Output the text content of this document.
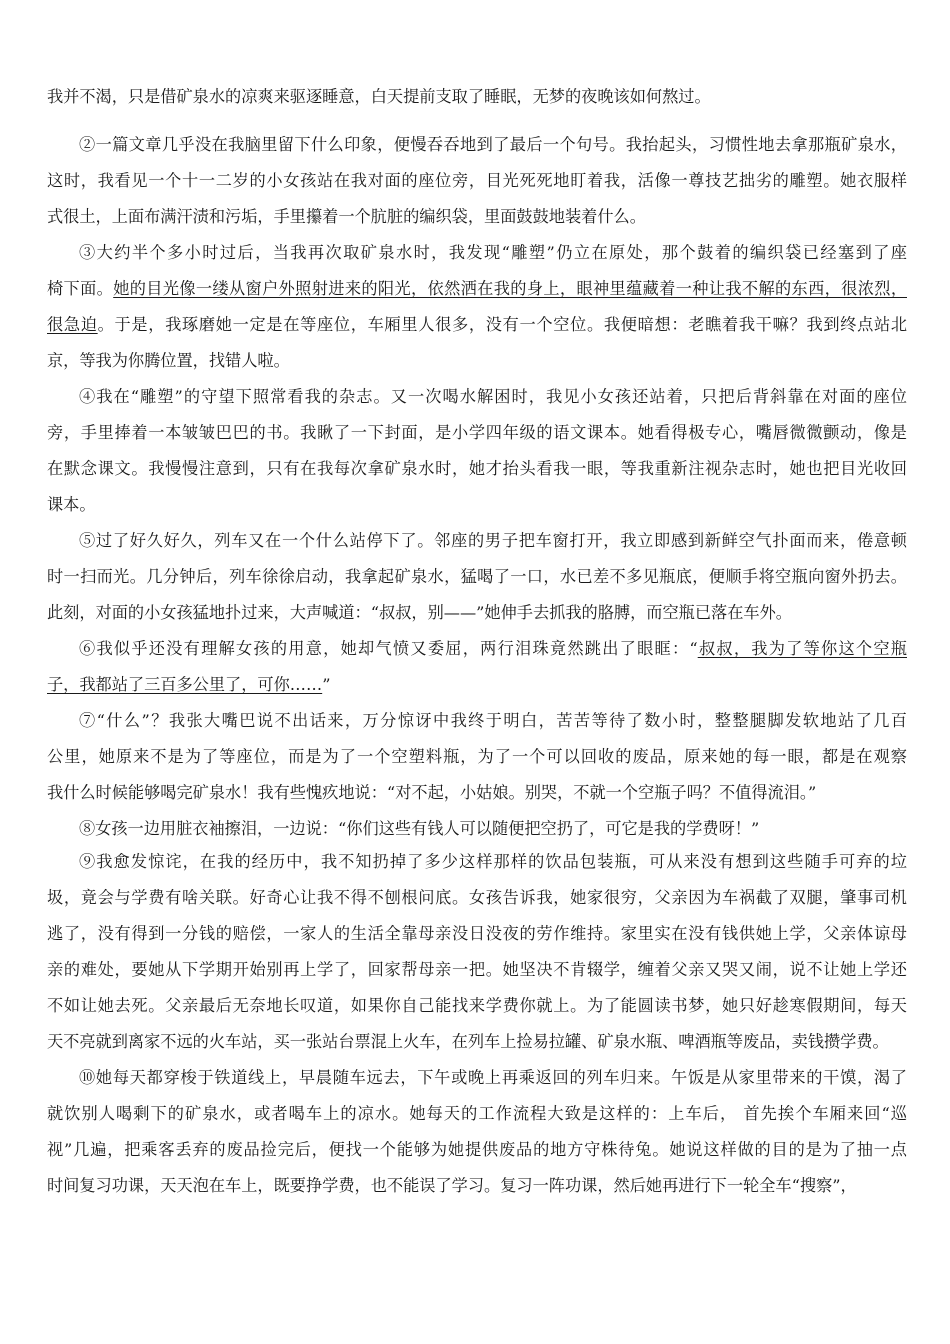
我并不渴，只是借矿泉水的凉爽来驱逐睡意，白天提前支取了睡眠，无梦的夜晚该如何熬过。
②一篇文章几乎没在我脑里留下什么印象，便慢吞吞地到了最后一个句号。我抬起头，习惯性地去拿那瓶矿泉水，
这时，我看见一个十一二岁的小女孩站在我对面的座位旁，目光死死地盯着我，活像一尊技艺拙劣的雕塑。她衣服样
式很土，上面布满汗渍和污垢，手里攥着一个肮脏的编织袋，里面鼓鼓地装着什么。
③大约半个多小时过后，当我再次取矿泉水时，我发现“雕塑”仍立在原处，那个鼓着的编织袋已经塞到了座
椅下面。她的目光像一缕从窗户外照射进来的阳光，依然洒在我的身上，眼神里蕴藏着一种让我不解的东西，很浓烈，
很急迫。于是，我琢磨她一定是在等座位，车厢里人很多，没有一个空位。我便暗想：老瞧着我干嘛？我到终点站北
京，等我为你腾位置，找错人啦。
④我在“雕塑”的守望下照常看我的杂志。又一次喝水解困时，我见小女孩还站着，只把后背斜靠在对面的座位
旁，手里捧着一本皱皱巴巴的书。我瞅了一下封面，是小学四年级的语文课本。她看得极专心，嘴唇微微颤动，像是
在默念课文。我慢慢注意到，只有在我每次拿矿泉水时，她才抬头看我一眼，等我重新注视杂志时，她也把目光收回
课本。
⑤过了好久好久，列车又在一个什么站停下了。邻座的男子把车窗打开，我立即感到新鲜空气扑面而来，倦意顿
时一扫而光。几分钟后，列车徐徐启动，我拿起矿泉水，猛喝了一口，水已差不多见瓶底，便顺手将空瓶向窗外扔去。
此刻，对面的小女孩猛地扑过来，大声喊道：“叔叔，别——”她伸手去抓我的胳膊，而空瓶已落在车外。
⑥我似乎还没有理解女孩的用意，她却气愤又委屈，两行泪珠竟然跳出了眼眶：“叔叔，我为了等你这个空瓶
子，我都站了三百多公里了，可你……”
⑦“什么”？我张大嘴巴说不出话来，万分惊讶中我终于明白，苦苦等待了数小时，整整腿脚发软地站了几百
公里，她原来不是为了等座位，而是为了一个空塑料瓶，为了一个可以回收的废品，原来她的每一眼，都是在观察
我什么时候能够喝完矿泉水！我有些愧疚地说：“对不起，小姑娘。别哭，不就一个空瓶子吗？不值得流泪。”
⑧女孩一边用脏衣袖擦泪，一边说：“你们这些有钱人可以随便把空扔了，可它是我的学费呀！”
⑨我愈发惊诧，在我的经历中，我不知扔掉了多少这样那样的饮品包装瓶，可从来没有想到这些随手可弃的垃
圾，竟会与学费有啥关联。好奇心让我不得不刨根问底。女孩告诉我，她家很穷，父亲因为车祸截了双腿，肇事司机
逃了，没有得到一分钱的赔偿，一家人的生活全靠母亲没日没夜的劳作维持。家里实在没有钱供她上学，父亲体谅母
亲的难处，要她从下学期开始别再上学了，回家帮母亲一把。她坚决不肯辍学，缠着父亲又哭又闹，说不让她上学还
不如让她去死。父亲最后无奈地长叹道，如果你自己能找来学费你就上。为了能圆读书梦，她只好趁寒假期间，每天
天不亮就到离家不远的火车站，买一张站台票混上火车，在列车上捡易拉罐、矿泉水瓶、啤酒瓶等废品，卖钱攒学费。
⑩她每天都穿梭于铁道线上，早晨随车远去，下午或晚上再乘返回的列车归来。午饭是从家里带来的干馍，渴了
就饮别人喝剩下的矿泉水，或者喝车上的凉水。她每天的工作流程大致是这样的：上车后， 首先挨个车厢来回“巡
视”几遍，把乘客丢弃的废品捡完后，便找一个能够为她提供废品的地方守株待兔。她说这样做的目的是为了抽一点
时间复习功课，天天泡在车上，既要挣学费，也不能误了学习。复习一阵功课，然后她再进行下一轮全车“搜察”，
